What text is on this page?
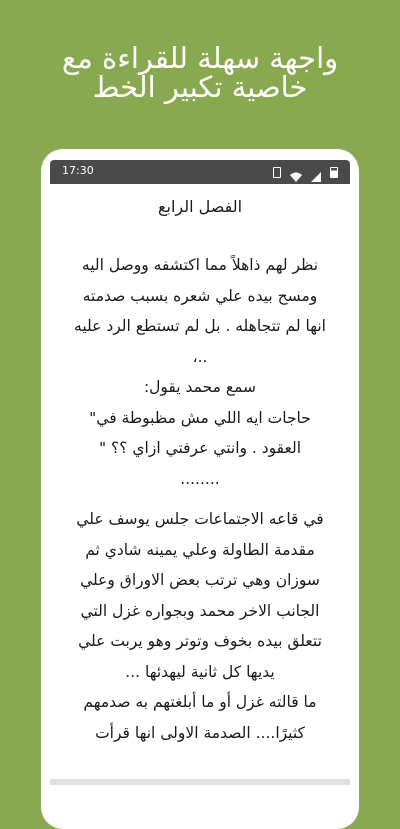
واجهة سهلة للقراءة مع
خاصية تكبير الخط
17:30

الفصل الرابع
نظر لهم ذاهلاً مما اكتشفه ووصل اليه
ومسح بيده علي شعره بسبب صدمته
انها لم تتجاهله . بل لم تستطع الرد عليه
..،
سمع محمد يقول:
حاجات ايه اللي مش مظبوطة في"
العقود . وانتي عرفتي ازاي ؟؟ "
........
في قاعه الاجتماعات جلس يوسف علي
مقدمة الطاولة وعلي يمينه شادي ثم
سوزان وهي ترتب بعض الاوراق وعلي
الجانب الاخر محمد وبجواره غزل التي
تتعلق بيده بخوف وتوتر وهو يربت علي
يديها كل ثانية ليهدئها ...
ما قالته غزل أو ما أبلغتهم به صدمهم
كثيرًا.... الصدمة الاولى انها قرأت
